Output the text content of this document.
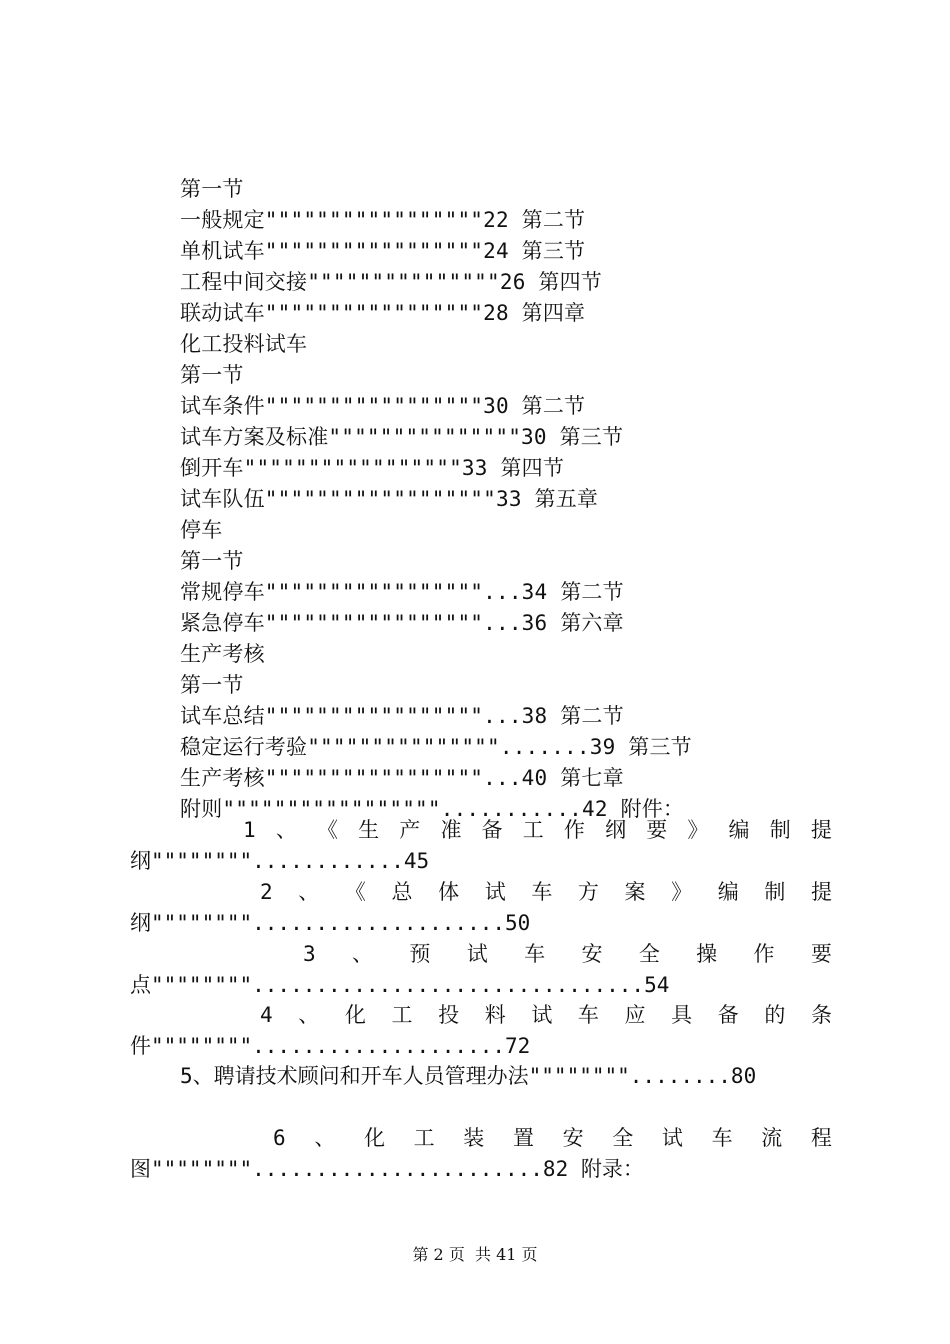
第一节
一般规定"""""""""""""""""22 第二节
单机试车"""""""""""""""""24 第三节
工程中间交接"""""""""""""""26 第四节
联动试车"""""""""""""""""28 第四章
化工投料试车
第一节
试车条件"""""""""""""""""30 第二节
试车方案及标准"""""""""""""""30 第三节
倒开车"""""""""""""""""33 第四节
试车队伍""""""""""""""""""33 第五章
停车
第一节
常规停车"""""""""""""""""...34 第二节
紧急停车"""""""""""""""""...36 第六章
生产考核
第一节
试车总结"""""""""""""""""...38 第二节
稳定运行考验""""""""""""""".......39 第三节
生产考核"""""""""""""""""...40 第七章
附则"""""""""""""""""...........42 附件：
1 、 《 生 产 准 备 工 作 纲 要 》 编 制 提
纲""""""""............45
2 、 《 总 体 试 车 方 案 》 编 制 提
纲""""""""....................50
3 、 预 试 车 安 全 操 作 要
点""""""""...............................54
4 、 化 工 投 料 试 车 应 具 备 的 条
件""""""""....................72
5、聘请技术顾问和开车人员管理办法""""""""........80
6 、 化 工 装 置 安 全 试 车 流 程
图"""""""".......................82 附录：
第 2 页  共 41 页
